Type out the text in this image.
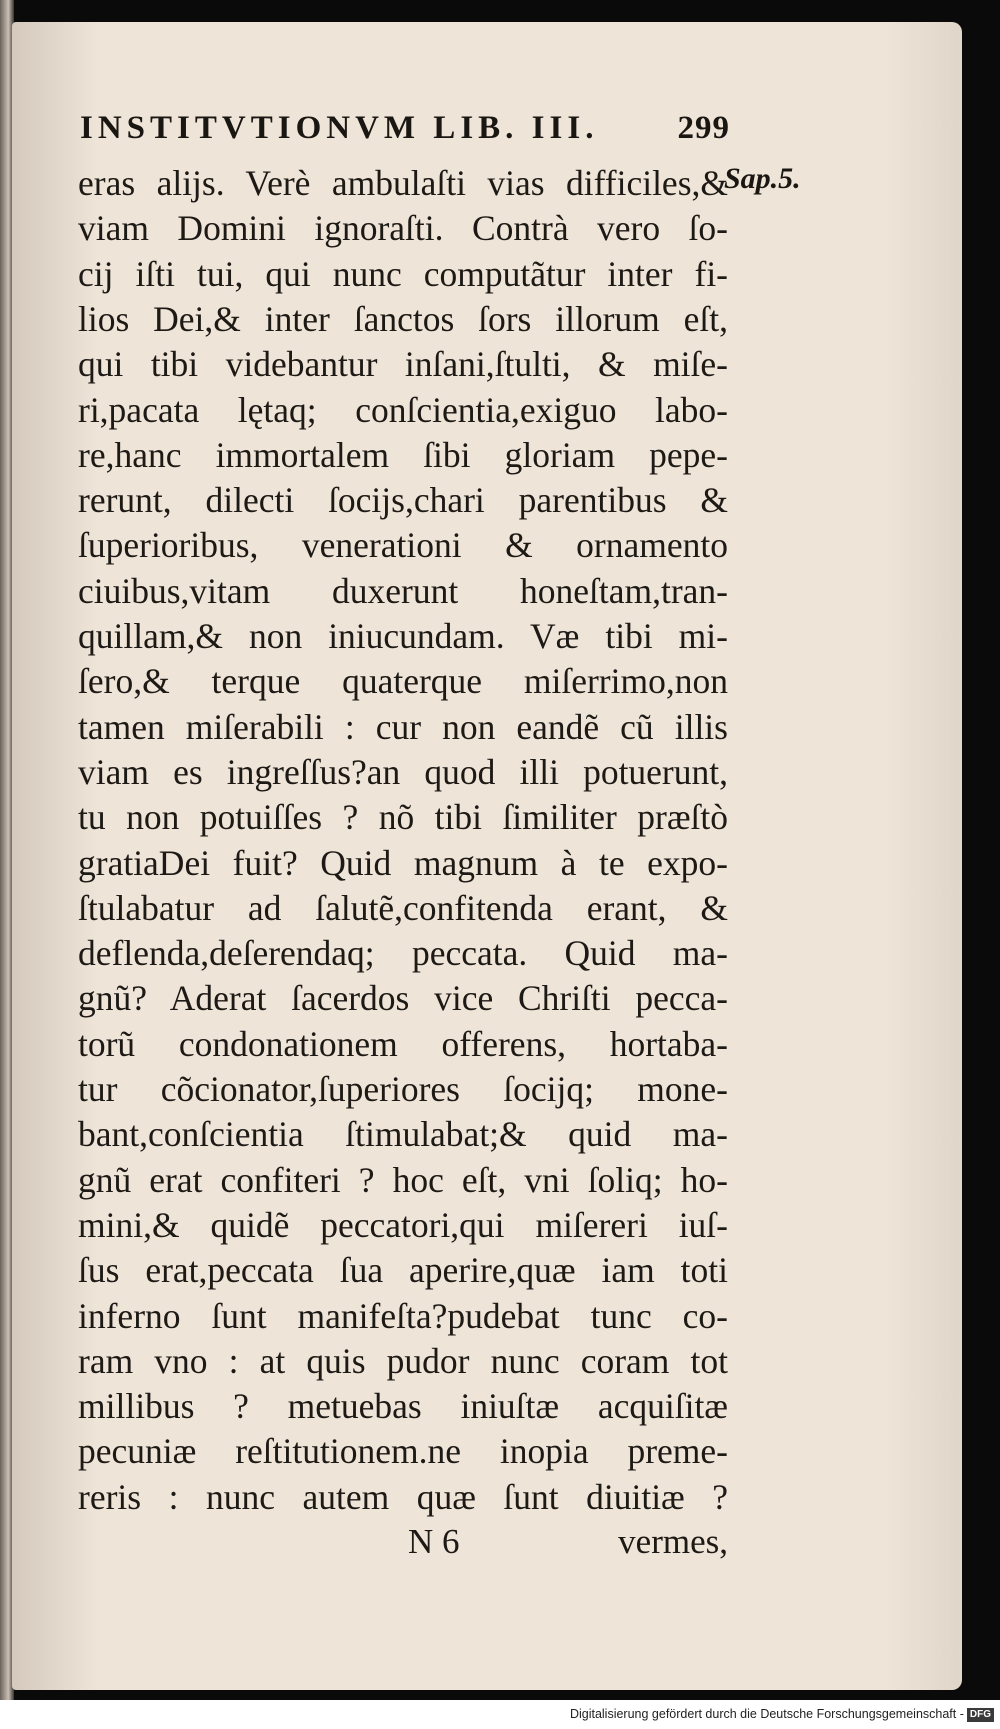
INSTITVTIONVM LIB. III. 299
Sap.5.
eras alijs. Verè ambulaſti vias difficiles,&
viam Domini ignoraſti. Contrà vero ſo-
cij iſti tui, qui nunc computãtur inter fi-
lios Dei,& inter ſanctos ſors illorum eſt,
qui tibi videbantur inſani,ſtulti, & miſe-
ri,pacata lętaq; conſcientia,exiguo labo-
re,hanc immortalem ſibi gloriam pepe-
rerunt, dilecti ſocijs,chari parentibus &
ſuperioribus, venerationi & ornamento
ciuibus,vitam duxerunt honeſtam,tran-
quillam,& non iniucundam. Væ tibi mi-
ſero,& terque quaterque miſerrimo,non
tamen miſerabili : cur non eandẽ cũ illis
viam es ingreſſus?an quod illi potuerunt,
tu non potuiſſes ? nõ tibi ſimiliter præſtò
gratiaDei fuit? Quid magnum à te expo-
ſtulabatur ad ſalutẽ,confitenda erant, &
deflenda,deſerendaq; peccata. Quid ma-
gnũ? Aderat ſacerdos vice Chriſti pecca-
torũ condonationem offerens, hortaba-
tur cõcionator,ſuperiores ſocijq; mone-
bant,conſcientia ſtimulabat;& quid ma-
gnũ erat confiteri ? hoc eſt, vni ſoliq; ho-
mini,& quidẽ peccatori,qui miſereri iuſ-
ſus erat,peccata ſua aperire,quæ iam toti
inferno ſunt manifeſta?pudebat tunc co-
ram vno : at quis pudor nunc coram tot
millibus ? metuebas iniuſtæ acquiſitæ
pecuniæ reſtitutionem.ne inopia preme-
reris : nunc autem quæ ſunt diuitiæ ?
N 6	vermes,
Digitalisierung gefördert durch die Deutsche Forschungsgemeinschaft - DFG
